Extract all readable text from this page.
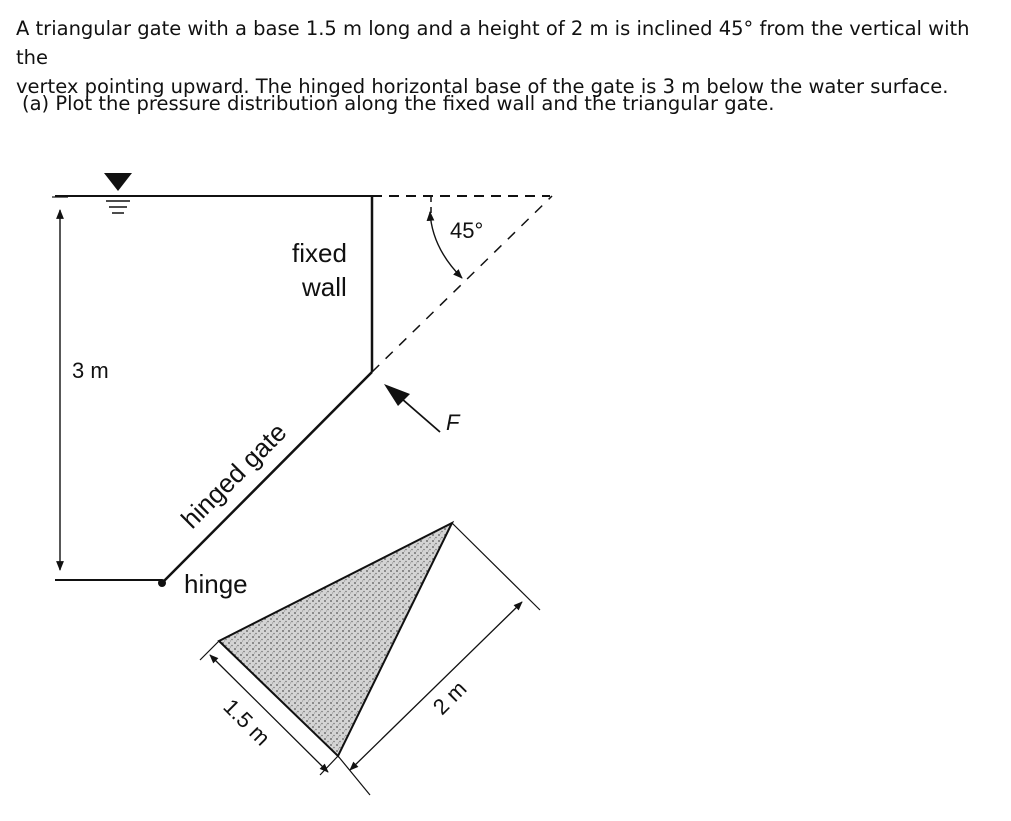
A triangular gate with a base 1.5 m long and a height of 2 m is inclined 45° from the vertical with the

vertex pointing upward. The hinged horizontal base of the gate is 3 m below the water surface.

(a) Plot the pressure distribution along the fixed wall and the triangular gate.
3 m
fixed
wall
45°
hinged gate
hinge
F
1.5 m	2 m
